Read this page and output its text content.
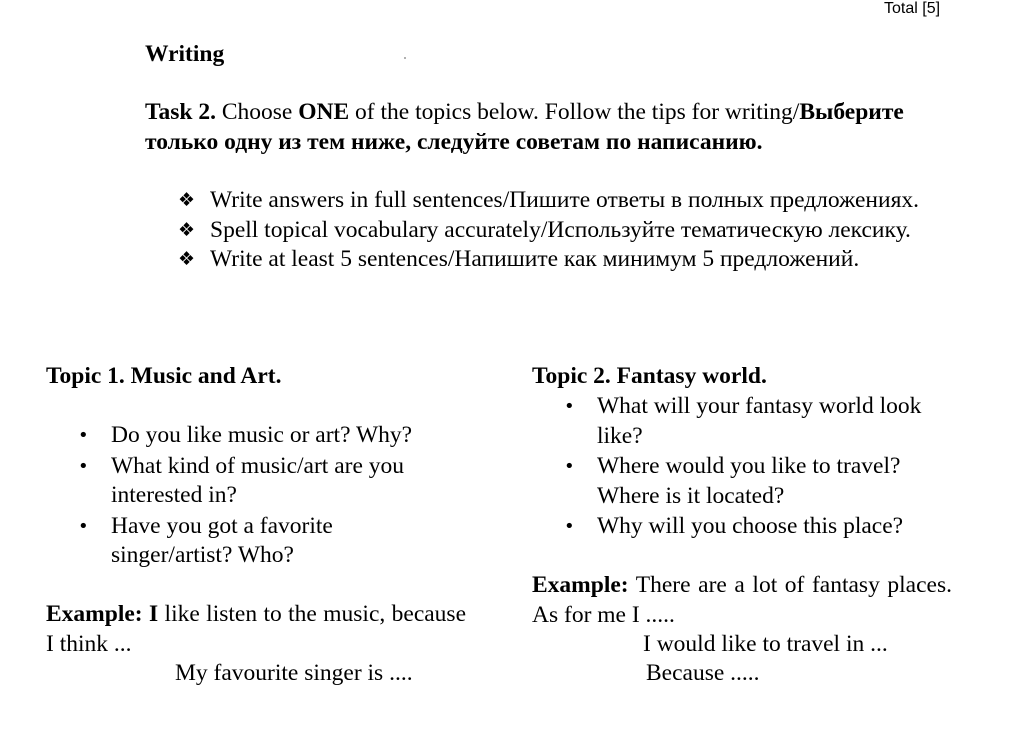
Total [5]
Writing

Task 2. Choose ONE of the topics below. Follow the tips for writing/Выберите только одну из тем ниже, следуйте советам по написанию.

❖ Write answers in full sentences/Пишите ответы в полных предложениях.
❖ Spell topical vocabulary accurately/Используйте тематическую лексику.
❖ Write at least 5 sentences/Напишите как минимум 5 предложений.
Topic 1. Music and Art.
• Do you like music or art? Why?
• What kind of music/art are you interested in?
• Have you got a favorite singer/artist? Who?
Example: I like listen to the music, because I think ...
My favourite singer is ....
Topic 2. Fantasy world.
• What will your fantasy world look like?
• Where would you like to travel? Where is it located?
• Why will you choose this place?
Example: There are a lot of fantasy places. As for me I .....
I would like to travel in ...
Because .....
